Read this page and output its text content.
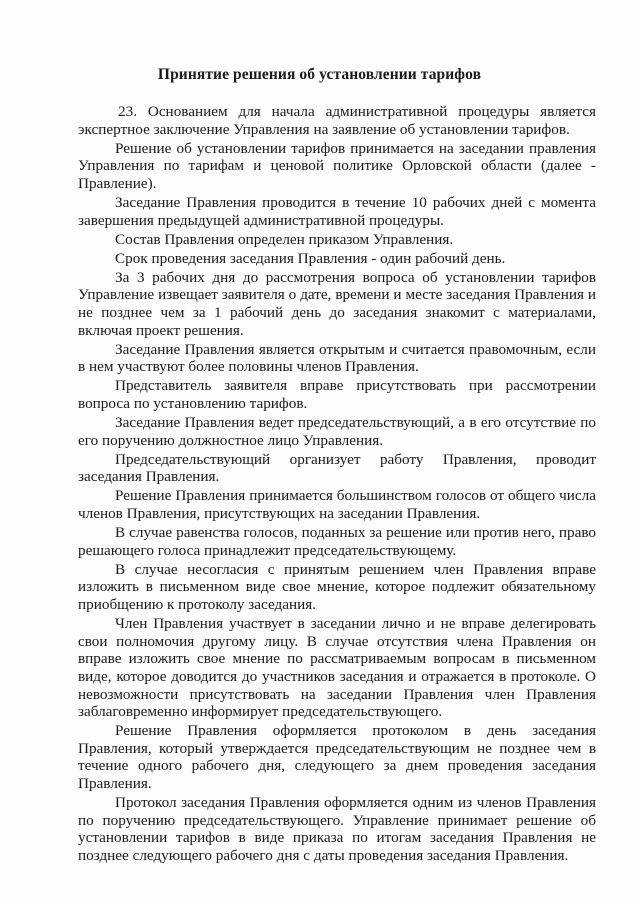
Принятие решения об установлении тарифов

23. Основанием для начала административной процедуры является экспертное заключение Управления на заявление об установлении тарифов.

Решение об установлении тарифов принимается на заседании правления Управления по тарифам и ценовой политике Орловской области (далее - Правление).

Заседание Правления проводится в течение 10 рабочих дней с момента завершения предыдущей административной процедуры.

Состав Правления определен приказом Управления.

Срок проведения заседания Правления - один рабочий день.

За 3 рабочих дня до рассмотрения вопроса об установлении тарифов Управление извещает заявителя о дате, времени и месте заседания Правления и не позднее чем за 1 рабочий день до заседания знакомит с материалами, включая проект решения.

Заседание Правления является открытым и считается правомочным, если в нем участвуют более половины членов Правления.

Представитель заявителя вправе присутствовать при рассмотрении вопроса по установлению тарифов.

Заседание Правления ведет председательствующий, а в его отсутствие по его поручению должностное лицо Управления.

Председательствующий организует работу Правления, проводит заседания Правления.

Решение Правления принимается большинством голосов от общего числа членов Правления, присутствующих на заседании Правления.

В случае равенства голосов, поданных за решение или против него, право решающего голоса принадлежит председательствующему.

В случае несогласия с принятым решением член Правления вправе изложить в письменном виде свое мнение, которое подлежит обязательному приобщению к протоколу заседания.

Член Правления участвует в заседании лично и не вправе делегировать свои полномочия другому лицу. В случае отсутствия члена Правления он вправе изложить свое мнение по рассматриваемым вопросам в письменном виде, которое доводится до участников заседания и отражается в протоколе. О невозможности присутствовать на заседании Правления член Правления заблаговременно информирует председательствующего.

Решение Правления оформляется протоколом в день заседания Правления, который утверждается председательствующим не позднее чем в течение одного рабочего дня, следующего за днем проведения заседания Правления.

Протокол заседания Правления оформляется одним из членов Правления по поручению председательствующего. Управление принимает решение об установлении тарифов в виде приказа по итогам заседания Правления не позднее следующего рабочего дня с даты проведения заседания Правления.
